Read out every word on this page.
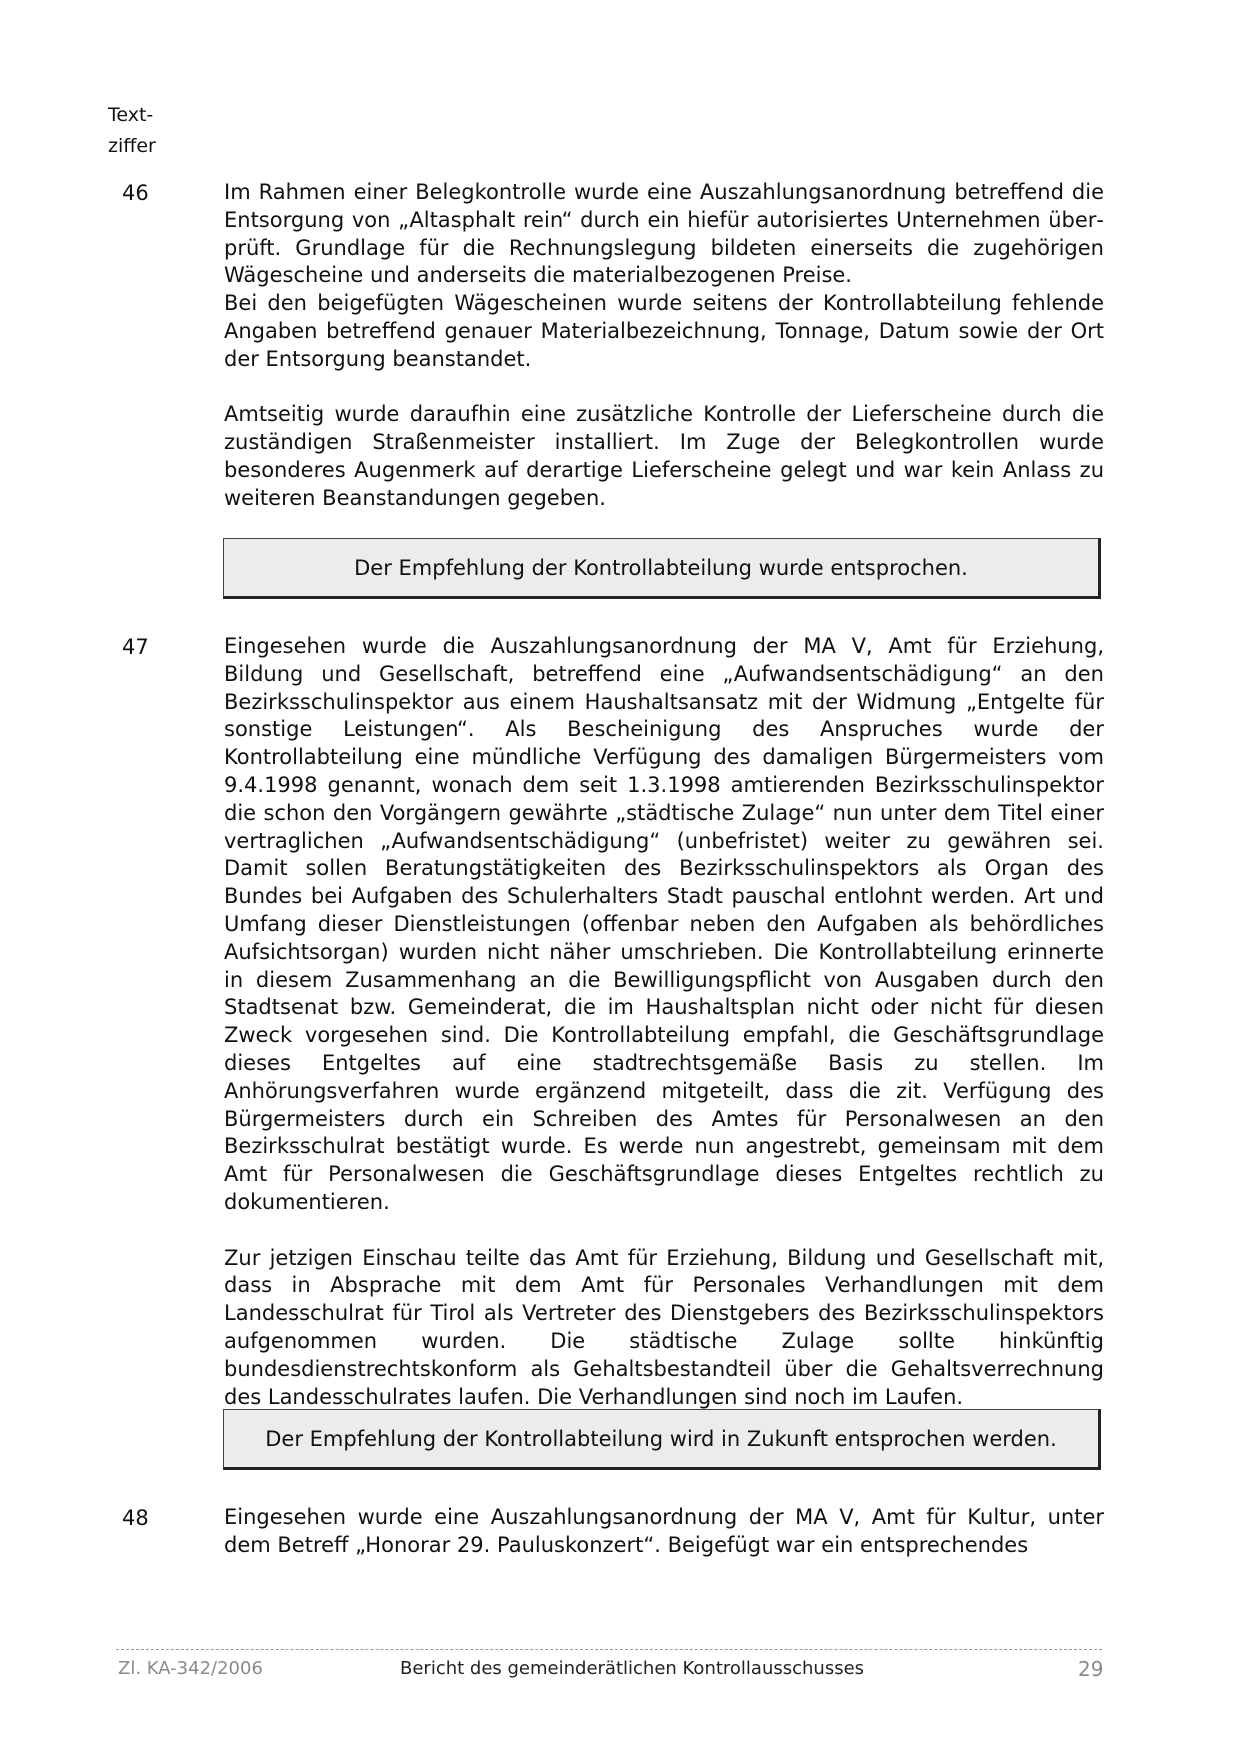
Text-
ziffer
46	Im Rahmen einer Belegkontrolle wurde eine Auszahlungsanordnung betreffend die Entsorgung von „Altasphalt rein“ durch ein hiefür autorisiertes Unternehmen überprüft. Grundlage für die Rechnungslegung bildeten einerseits die zugehörigen Wägescheine und anderseits die materialbezogenen Preise.
Bei den beigefügten Wägescheinen wurde seitens der Kontrollabteilung fehlende Angaben betreffend genauer Materialbezeichnung, Tonnage, Datum sowie der Ort der Entsorgung beanstandet.

Amtseitig wurde daraufhin eine zusätzliche Kontrolle der Lieferscheine durch die zuständigen Straßenmeister installiert. Im Zuge der Belegkontrollen wurde besonderes Augenmerk auf derartige Lieferscheine gelegt und war kein Anlass zu weiteren Beanstandungen gegeben.

Der Empfehlung der Kontrollabteilung wurde entsprochen.
47	Eingesehen wurde die Auszahlungsanordnung der MA V, Amt für Erziehung, Bildung und Gesellschaft, betreffend eine „Aufwandsentschädigung“ an den Bezirksschulinspektor aus einem Haushaltsansatz mit der Widmung „Entgelte für sonstige Leistungen“. Als Bescheinigung des Anspruches wurde der Kontrollabteilung eine mündliche Verfügung des damaligen Bürgermeisters vom 9.4.1998 genannt, wonach dem seit 1.3.1998 amtierenden Bezirksschulinspektor die schon den Vorgängern gewährte „städtische Zulage“ nun unter dem Titel einer vertraglichen „Aufwandsentschädigung“ (unbefristet) weiter zu gewähren sei. Damit sollen Beratungstätigkeiten des Bezirksschulinspektors als Organ des Bundes bei Aufgaben des Schulerhalters Stadt pauschal entlohnt werden. Art und Umfang dieser Dienstleistungen (offenbar neben den Aufgaben als behördliches Aufsichtsorgan) wurden nicht näher umschrieben. Die Kontrollabteilung erinnerte in diesem Zusammenhang an die Bewilligungspflicht von Ausgaben durch den Stadtsenat bzw. Gemeinderat, die im Haushaltsplan nicht oder nicht für diesen Zweck vorgesehen sind. Die Kontrollabteilung empfahl, die Geschäftsgrundlage dieses Entgeltes auf eine stadtrechtsgemäße Basis zu stellen. Im Anhörungsverfahren wurde ergänzend mitgeteilt, dass die zit. Verfügung des Bürgermeisters durch ein Schreiben des Amtes für Personalwesen an den Bezirksschulrat bestätigt wurde. Es werde nun angestrebt, gemeinsam mit dem Amt für Personalwesen die Geschäftsgrundlage dieses Entgeltes rechtlich zu dokumentieren.

Zur jetzigen Einschau teilte das Amt für Erziehung, Bildung und Gesellschaft mit, dass in Absprache mit dem Amt für Personales Verhandlungen mit dem Landesschulrat für Tirol als Vertreter des Dienstgebers des Bezirksschulinspektors aufgenommen wurden. Die städtische Zulage sollte hinkünftig bundesdienstrechtskonform als Gehaltsbestandteil über die Gehaltsverrechnung des Landesschulrates laufen. Die Verhandlungen sind noch im Laufen.

Der Empfehlung der Kontrollabteilung wird in Zukunft entsprochen werden.
48	Eingesehen wurde eine Auszahlungsanordnung der MA V, Amt für Kultur, unter dem Betreff „Honorar 29. Pauluskonzert“. Beigefügt war ein entsprechendes

Zl. KA-342/2006	Bericht des gemeinderätlichen Kontrollausschusses	29
